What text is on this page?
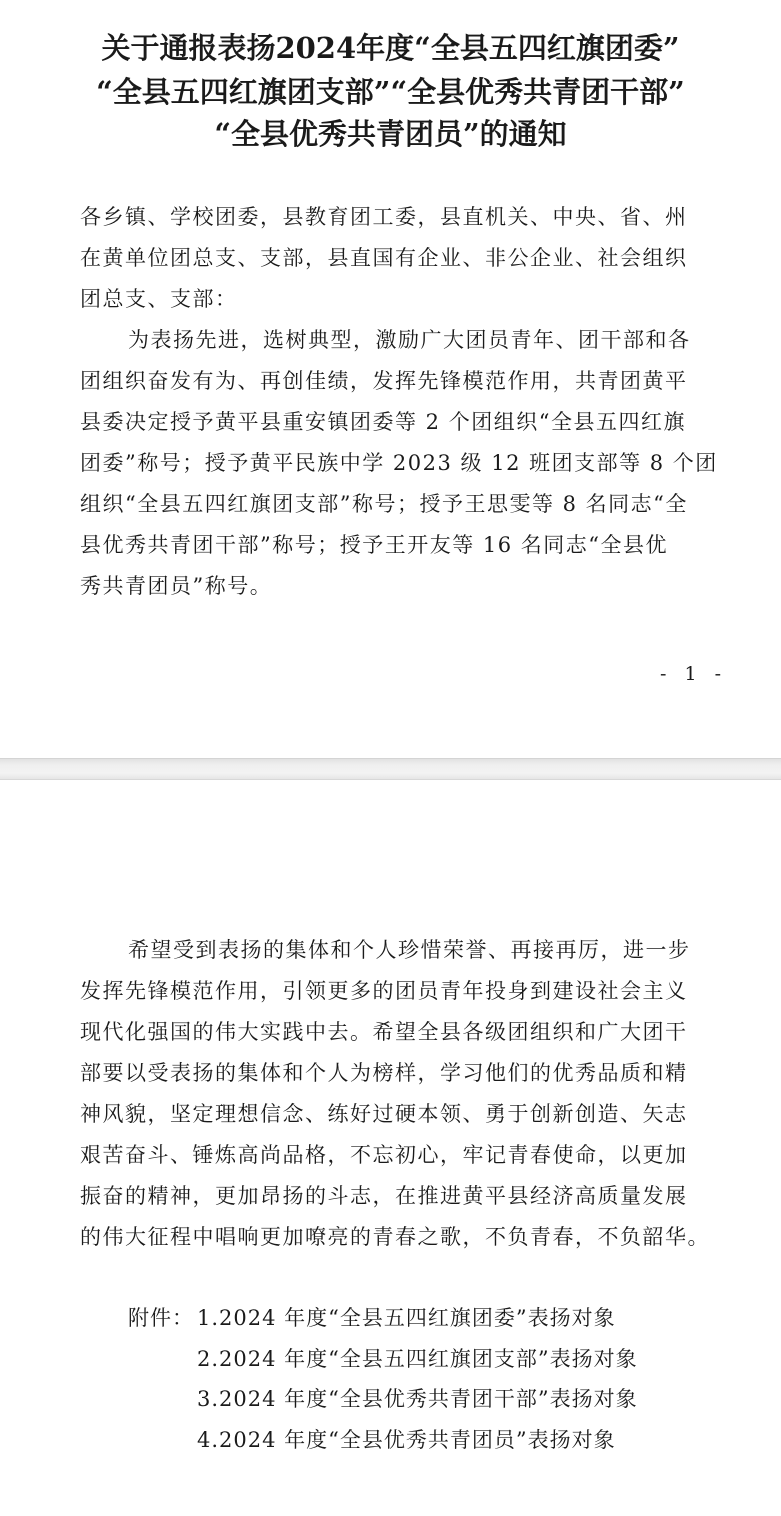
关于通报表扬2024年度“全县五四红旗团委”
“全县五四红旗团支部”“全县优秀共青团干部”
“全县优秀共青团员”的通知
各乡镇、学校团委，县教育团工委，县直机关、中央、省、州
在黄单位团总支、支部，县直国有企业、非公企业、社会组织
团总支、支部：
为表扬先进，选树典型，激励广大团员青年、团干部和各
团组织奋发有为、再创佳绩，发挥先锋模范作用，共青团黄平
县委决定授予黄平县重安镇团委等 2 个团组织“全县五四红旗
团委”称号；授予黄平民族中学 2023 级 12 班团支部等 8 个团
组织“全县五四红旗团支部”称号；授予王思雯等 8 名同志“全
县优秀共青团干部”称号；授予王开友等 16 名同志“全县优
秀共青团员”称号。
- 1 -
希望受到表扬的集体和个人珍惜荣誉、再接再厉，进一步
发挥先锋模范作用，引领更多的团员青年投身到建设社会主义
现代化强国的伟大实践中去。希望全县各级团组织和广大团干
部要以受表扬的集体和个人为榜样，学习他们的优秀品质和精
神风貌，坚定理想信念、练好过硬本领、勇于创新创造、矢志
艰苦奋斗、锤炼高尚品格，不忘初心，牢记青春使命，以更加
振奋的精神，更加昂扬的斗志，在推进黄平县经济高质量发展
的伟大征程中唱响更加嘹亮的青春之歌，不负青春，不负韶华。
附件： 1.2024 年度“全县五四红旗团委”表扬对象
2.2024 年度“全县五四红旗团支部”表扬对象
3.2024 年度“全县优秀共青团干部”表扬对象
4.2024 年度“全县优秀共青团员”表扬对象
